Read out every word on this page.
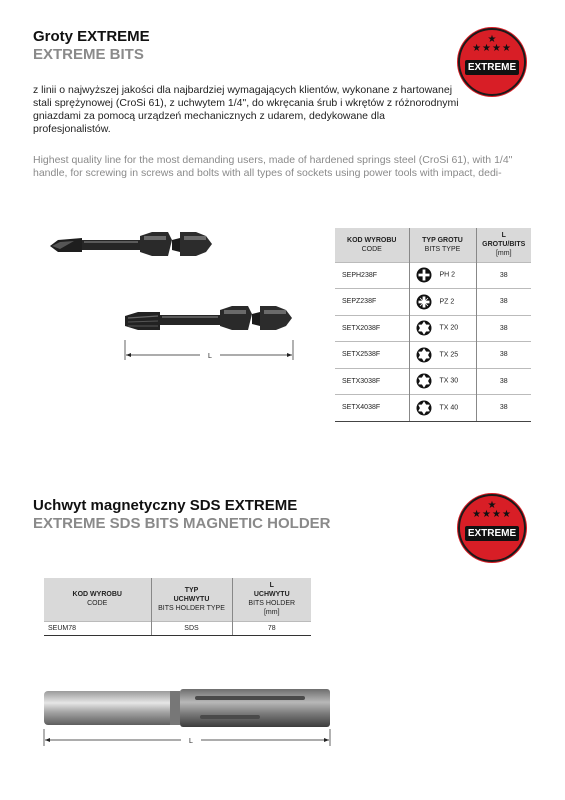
Groty EXTREME
EXTREME BITS
★
★★★★
EXTREME
z linii o najwyższej jakości dla najbardziej wymagających klientów, wykonane z hartowanej stali sprężynowej (CroSi 61), z uchwytem 1/4", do wkręcania śrub i wkrętów z różnorodnymi gniazdami za pomocą urządzeń mechanicznych z udarem, dedykowane dla profesjonalistów.
Highest quality line for the most demanding users, made of hardened springs steel (CroSi 61), with 1/4" handle, for screwing in screws and bolts with all types of sockets using power tools with impact, dedi-
L
KOD WYROBU
CODE	TYP GROTU
BITS TYPE	L
GROTU/BITS
[mm]

SEPH238F	PH 2	38
SEPZ238F	PZ 2	38
SETX2038F	TX 20	38
SETX2538F	TX 25	38
SETX3038F	TX 30	38
SETX4038F	TX 40	38
Uchwyt magnetyczny SDS EXTREME
EXTREME SDS BITS MAGNETIC HOLDER
★
★★★★
EXTREME
KOD WYROBU
CODE	TYP
UCHWYTU
BITS HOLDER TYPE	L
UCHWYTU
BITS HOLDER
[mm]

SEUM78	SDS	78
L
